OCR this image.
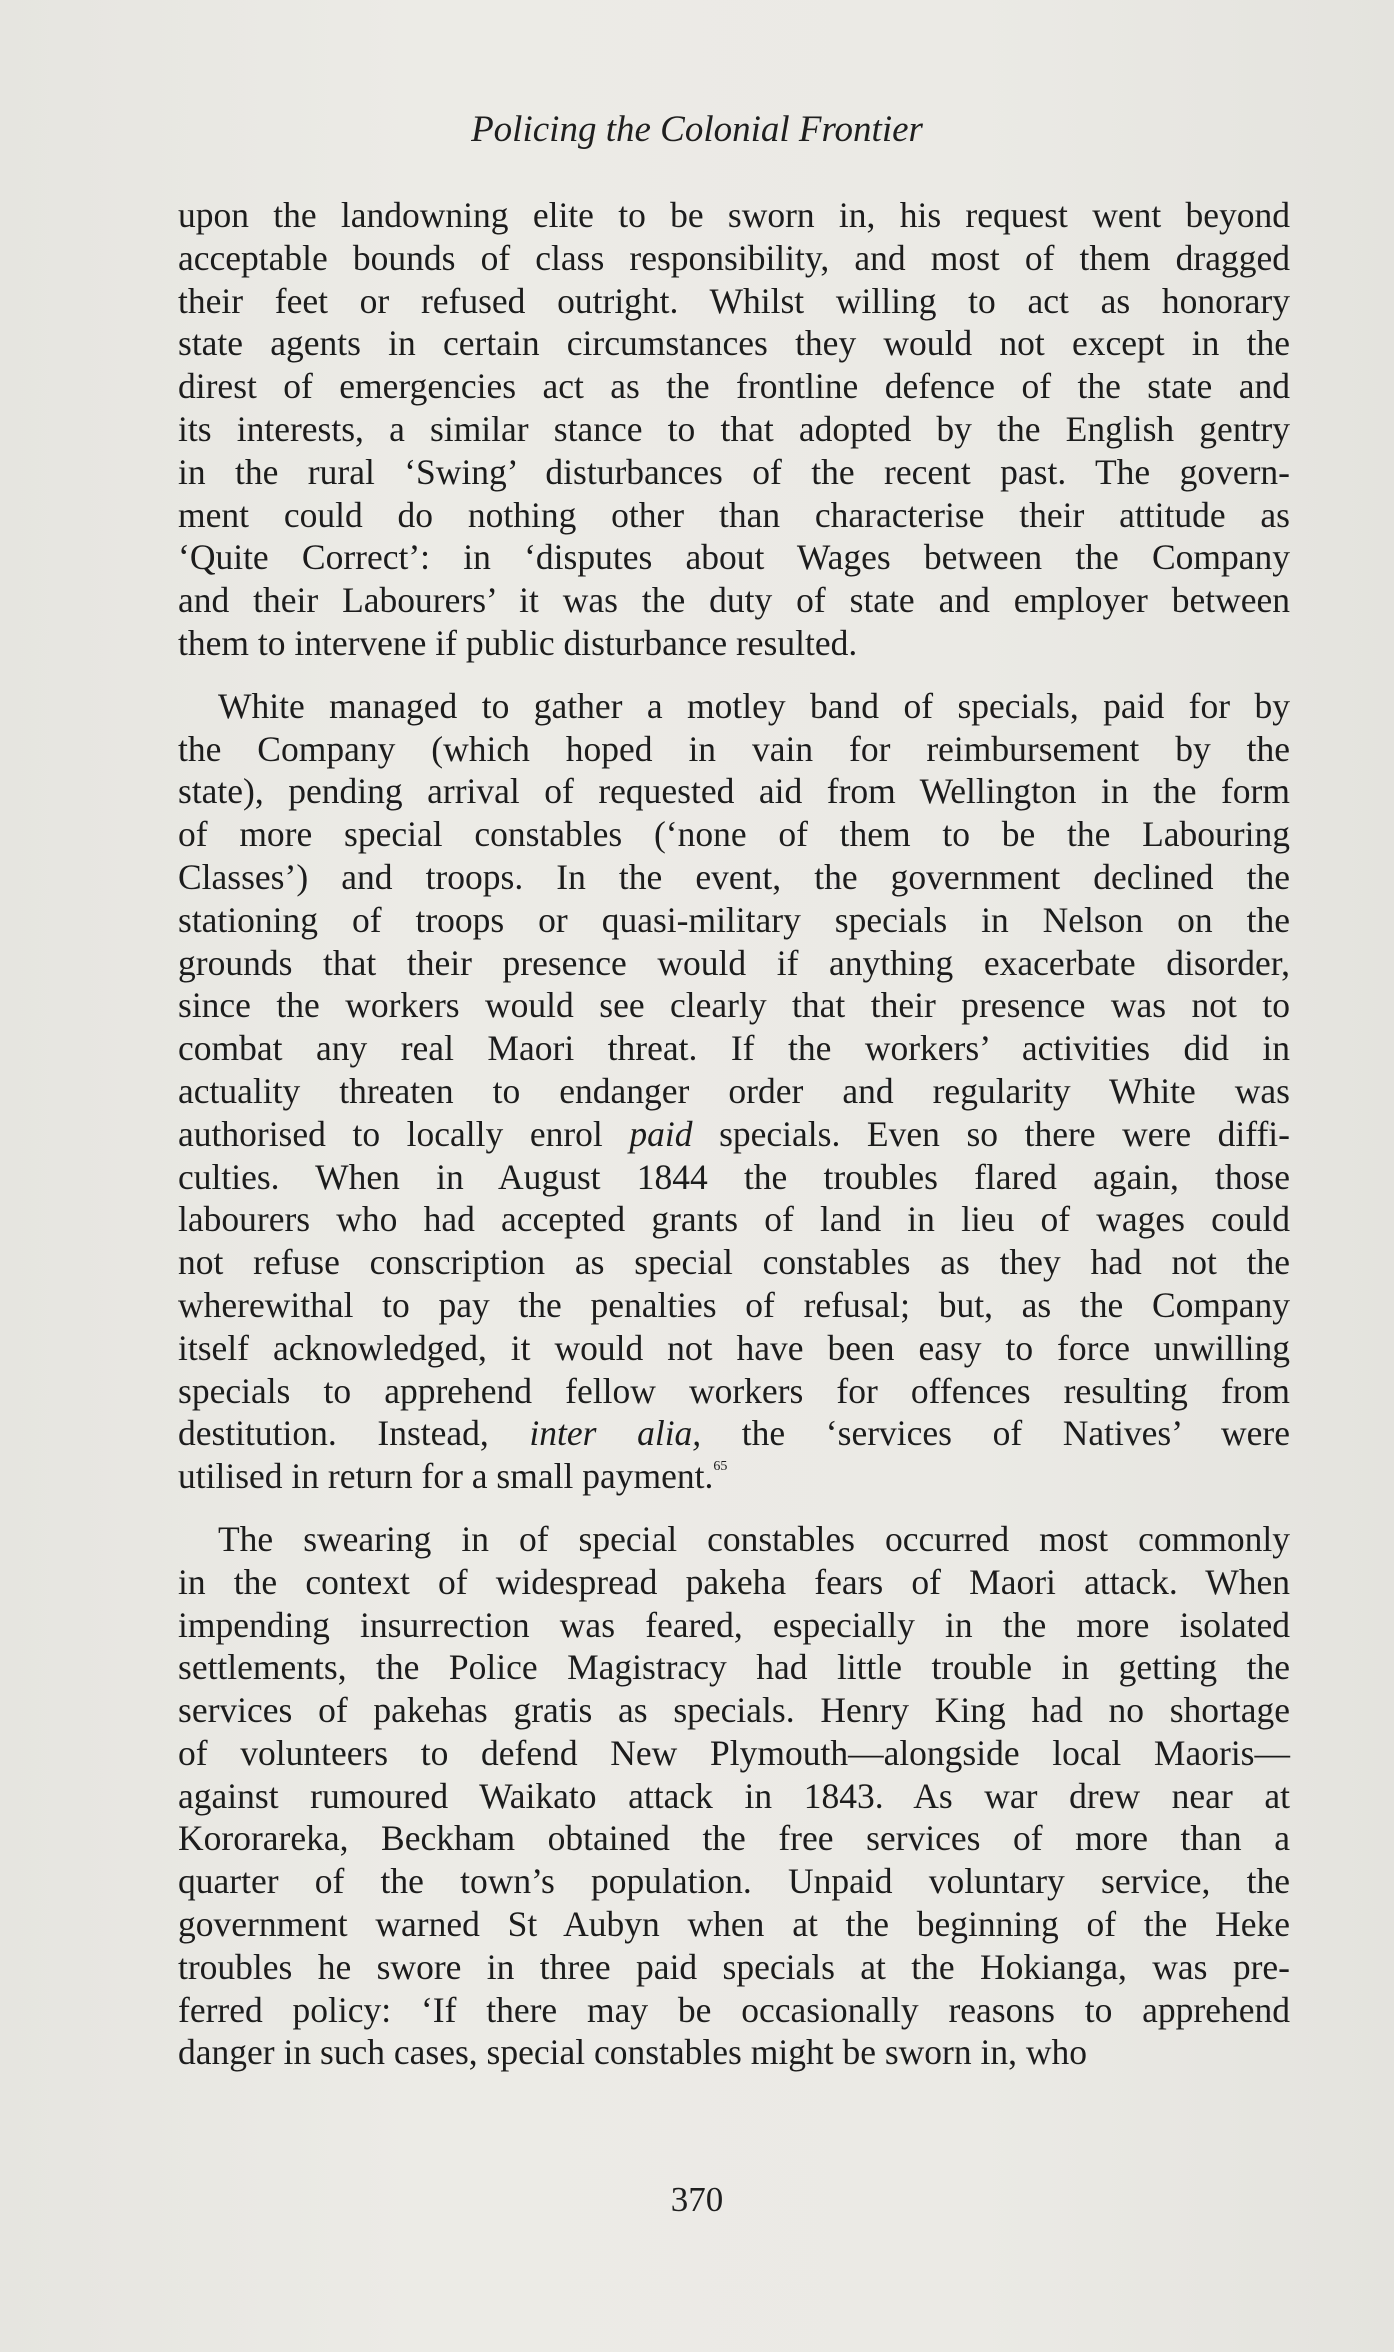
Policing the Colonial Frontier
upon the landowning elite to be sworn in, his request went beyond
acceptable bounds of class responsibility, and most of them dragged
their feet or refused outright. Whilst willing to act as honorary
state agents in certain circumstances they would not except in the
direst of emergencies act as the frontline defence of the state and
its interests, a similar stance to that adopted by the English gentry
in the rural ‘Swing’ disturbances of the recent past. The govern-
ment could do nothing other than characterise their attitude as
‘Quite Correct’: in ‘disputes about Wages between the Company
and their Labourers’ it was the duty of state and employer between
them to intervene if public disturbance resulted.
White managed to gather a motley band of specials, paid for by
the Company (which hoped in vain for reimbursement by the
state), pending arrival of requested aid from Wellington in the form
of more special constables (‘none of them to be the Labouring
Classes’) and troops. In the event, the government declined the
stationing of troops or quasi-military specials in Nelson on the
grounds that their presence would if anything exacerbate disorder,
since the workers would see clearly that their presence was not to
combat any real Maori threat. If the workers’ activities did in
actuality threaten to endanger order and regularity White was
authorised to locally enrol paid specials. Even so there were diffi-
culties. When in August 1844 the troubles flared again, those
labourers who had accepted grants of land in lieu of wages could
not refuse conscription as special constables as they had not the
wherewithal to pay the penalties of refusal; but, as the Company
itself acknowledged, it would not have been easy to force unwilling
specials to apprehend fellow workers for offences resulting from
destitution. Instead, inter alia, the ‘services of Natives’ were
utilised in return for a small payment.$^{65}$
The swearing in of special constables occurred most commonly
in the context of widespread pakeha fears of Maori attack. When
impending insurrection was feared, especially in the more isolated
settlements, the Police Magistracy had little trouble in getting the
services of pakehas gratis as specials. Henry King had no shortage
of volunteers to defend New Plymouth—alongside local Maoris—
against rumoured Waikato attack in 1843. As war drew near at
Kororareka, Beckham obtained the free services of more than a
quarter of the town’s population. Unpaid voluntary service, the
government warned St Aubyn when at the beginning of the Heke
troubles he swore in three paid specials at the Hokianga, was pre-
ferred policy: ‘If there may be occasionally reasons to apprehend
danger in such cases, special constables might be sworn in, who
370
